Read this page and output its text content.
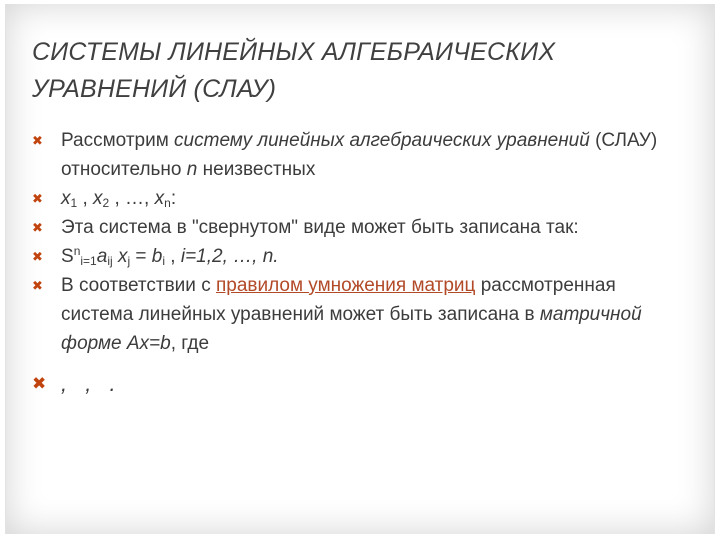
СИСТЕМЫ ЛИНЕЙНЫХ АЛГЕБРАИЧЕСКИХ УРАВНЕНИЙ (СЛАУ)
✖ Рассмотрим систему линейных алгебраических уравнений (СЛАУ) относительно n неизвестных
✖ $x_1$ , $x_2$ , …, $x_n$:
✖ Эта система в "свернутом" виде может быть записана так:
✖ $S^n_{i=1}a_{ij}$ $x_j = b_i$ , i=1,2, …, n.
✖ В соответствии с правилом умножения матриц рассмотренная система линейных уравнений может быть записана в матричной форме Ax=b, где
✖ , , .
